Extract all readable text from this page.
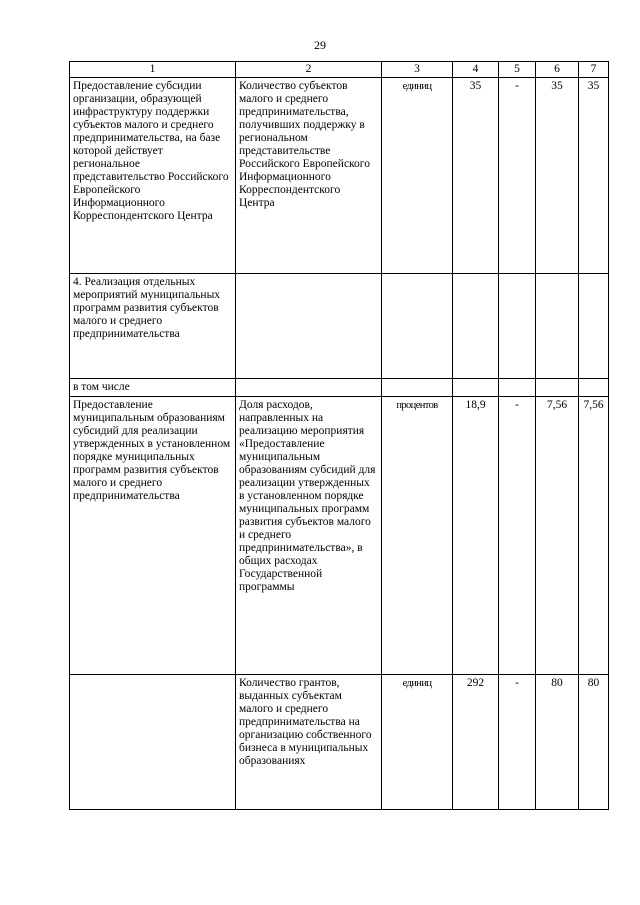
29
1	2	3	4	5	6	7
Предоставление субсидии организации, образующей инфраструктуру поддержки субъектов малого и среднего предпринимательства, на базе которой действует региональное представительство Российского Европейского Информационного Корреспондентского Центра	Количество субъектов малого и среднего предпринимательства, получивших поддержку в региональном представительстве Российского Европейского Информационного Корреспондентского Центра	единиц	35	-	35	35
4. Реализация отдельных мероприятий муниципальных программ развития субъектов малого и среднего предпринимательства						
в том числе						
Предоставление муниципальным образованиям субсидий для реализации утвержденных в установленном порядке муниципальных программ развития субъектов малого и среднего предпринимательства	Доля расходов, направленных на реализацию мероприятия «Предоставление муниципальным образованиям субсидий для реализации утвержденных в установленном порядке муниципальных программ развития субъектов малого и среднего предпринимательства», в общих расходах Государственной программы	процентов	18,9	-	7,56	7,56
	Количество грантов, выданных субъектам малого и среднего предпринимательства на организацию собственного бизнеса в муниципальных образованиях	единиц	292	-	80	80
